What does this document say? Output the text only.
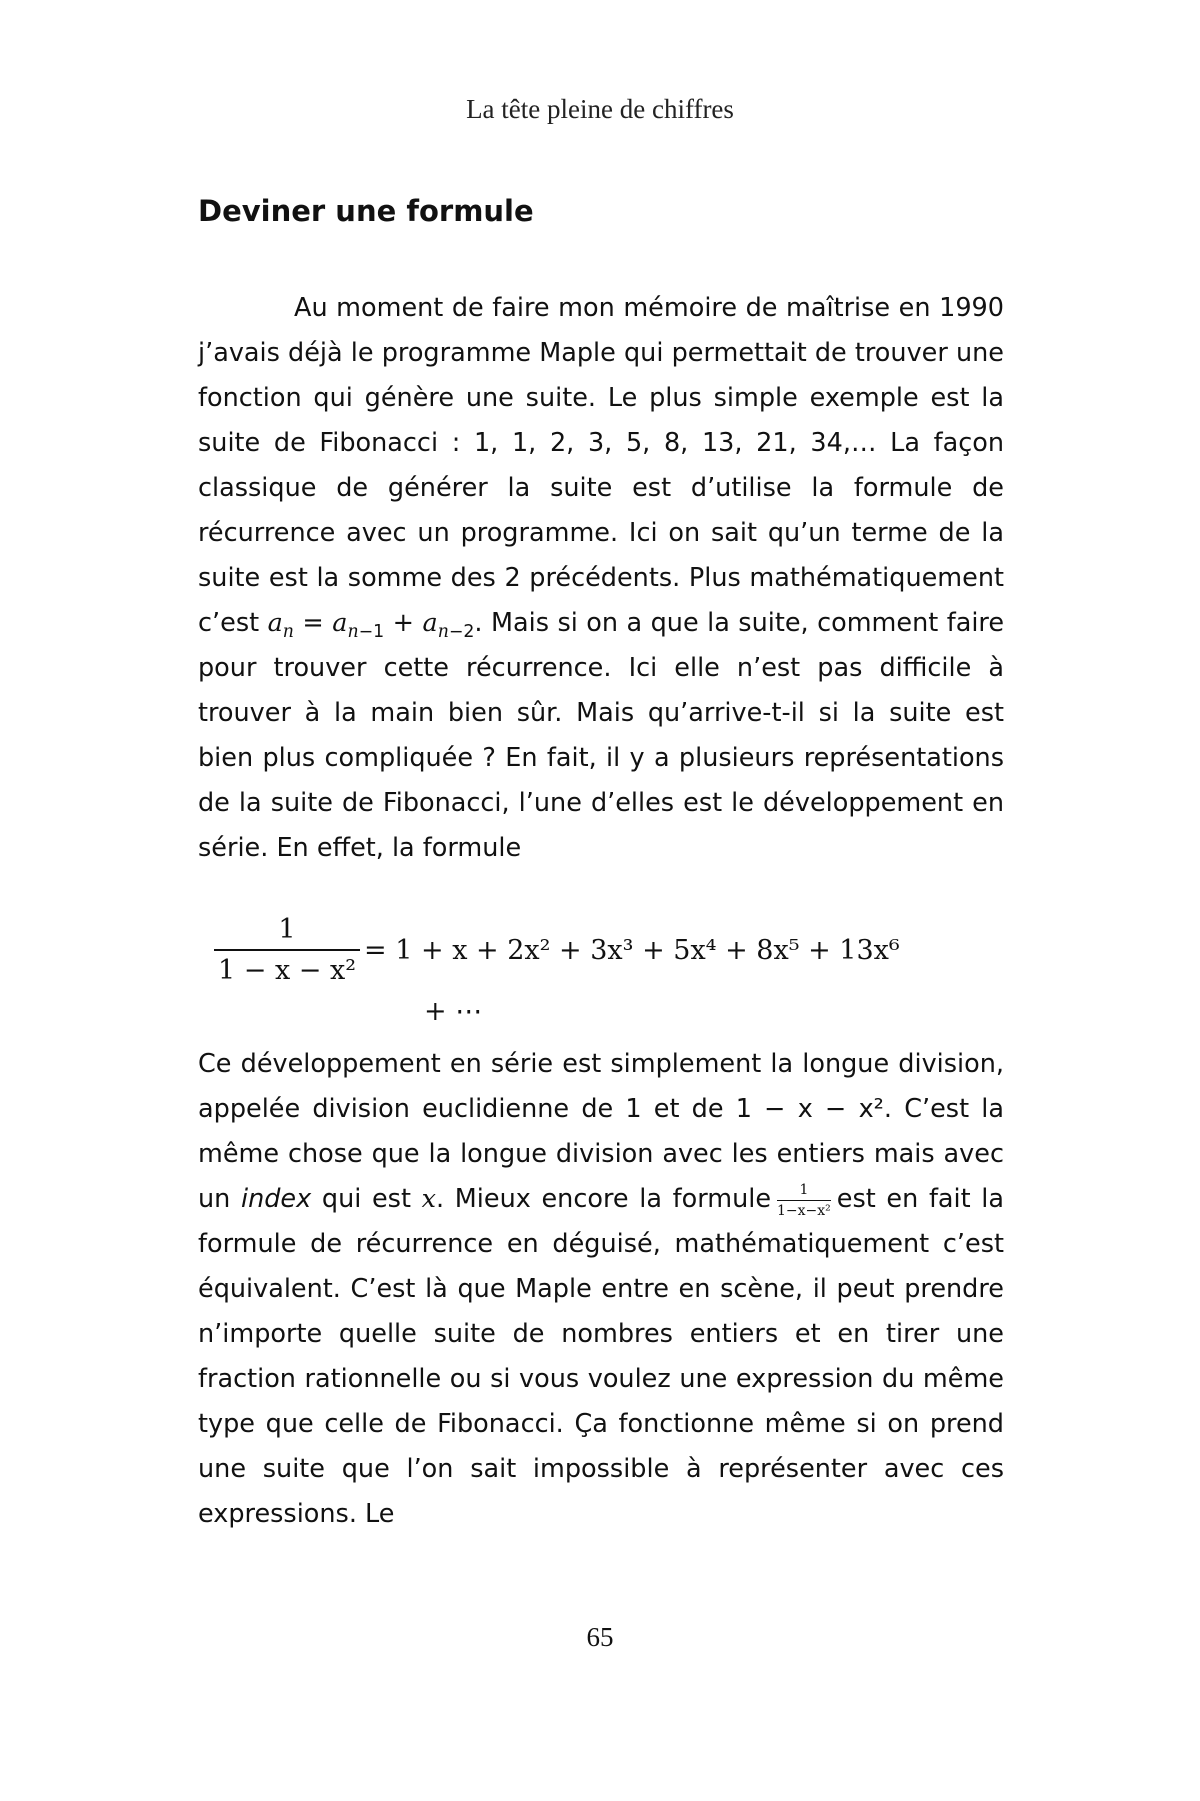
La tête pleine de chiffres
Deviner une formule
Au moment de faire mon mémoire de maîtrise en 1990 j’avais déjà le programme Maple qui permettait de trouver une fonction qui génère une suite. Le plus simple exemple est la suite de Fibonacci : 1, 1, 2, 3, 5, 8, 13, 21, 34,… La façon classique de générer la suite est d’utilise la formule de récurrence avec un programme. Ici on sait qu’un terme de la suite est la somme des 2 précédents. Plus mathématiquement c’est $a_n = a_{n-1} + a_{n-2}$. Mais si on a que la suite, comment faire pour trouver cette récurrence. Ici elle n’est pas difficile à trouver à la main bien sûr. Mais qu’arrive-t-il si la suite est bien plus compliquée ? En fait, il y a plusieurs représentations de la suite de Fibonacci, l’une d’elles est le développement en série. En effet, la formule
$\frac{1}{\text{1 − x − x²}} = 1 + x + 2x^2 + 3x^3 + 5x^4 + 8x^5 + 13x^6$
+ ⋯
Ce développement en série est simplement la longue division, appelée division euclidienne de 1 et de 1 − x − x². C’est la même chose que la longue division avec les entiers mais avec un index qui est x. Mieux encore la formule $\frac{1}{\text{1−x−x²}}$ est en fait la formule de récurrence en déguisé, mathématiquement c’est équivalent. C’est là que Maple entre en scène, il peut prendre n’importe quelle suite de nombres entiers et en tirer une fraction rationnelle ou si vous voulez une expression du même type que celle de Fibonacci. Ça fonctionne même si on prend une suite que l’on sait impossible à représenter avec ces expressions. Le
65
